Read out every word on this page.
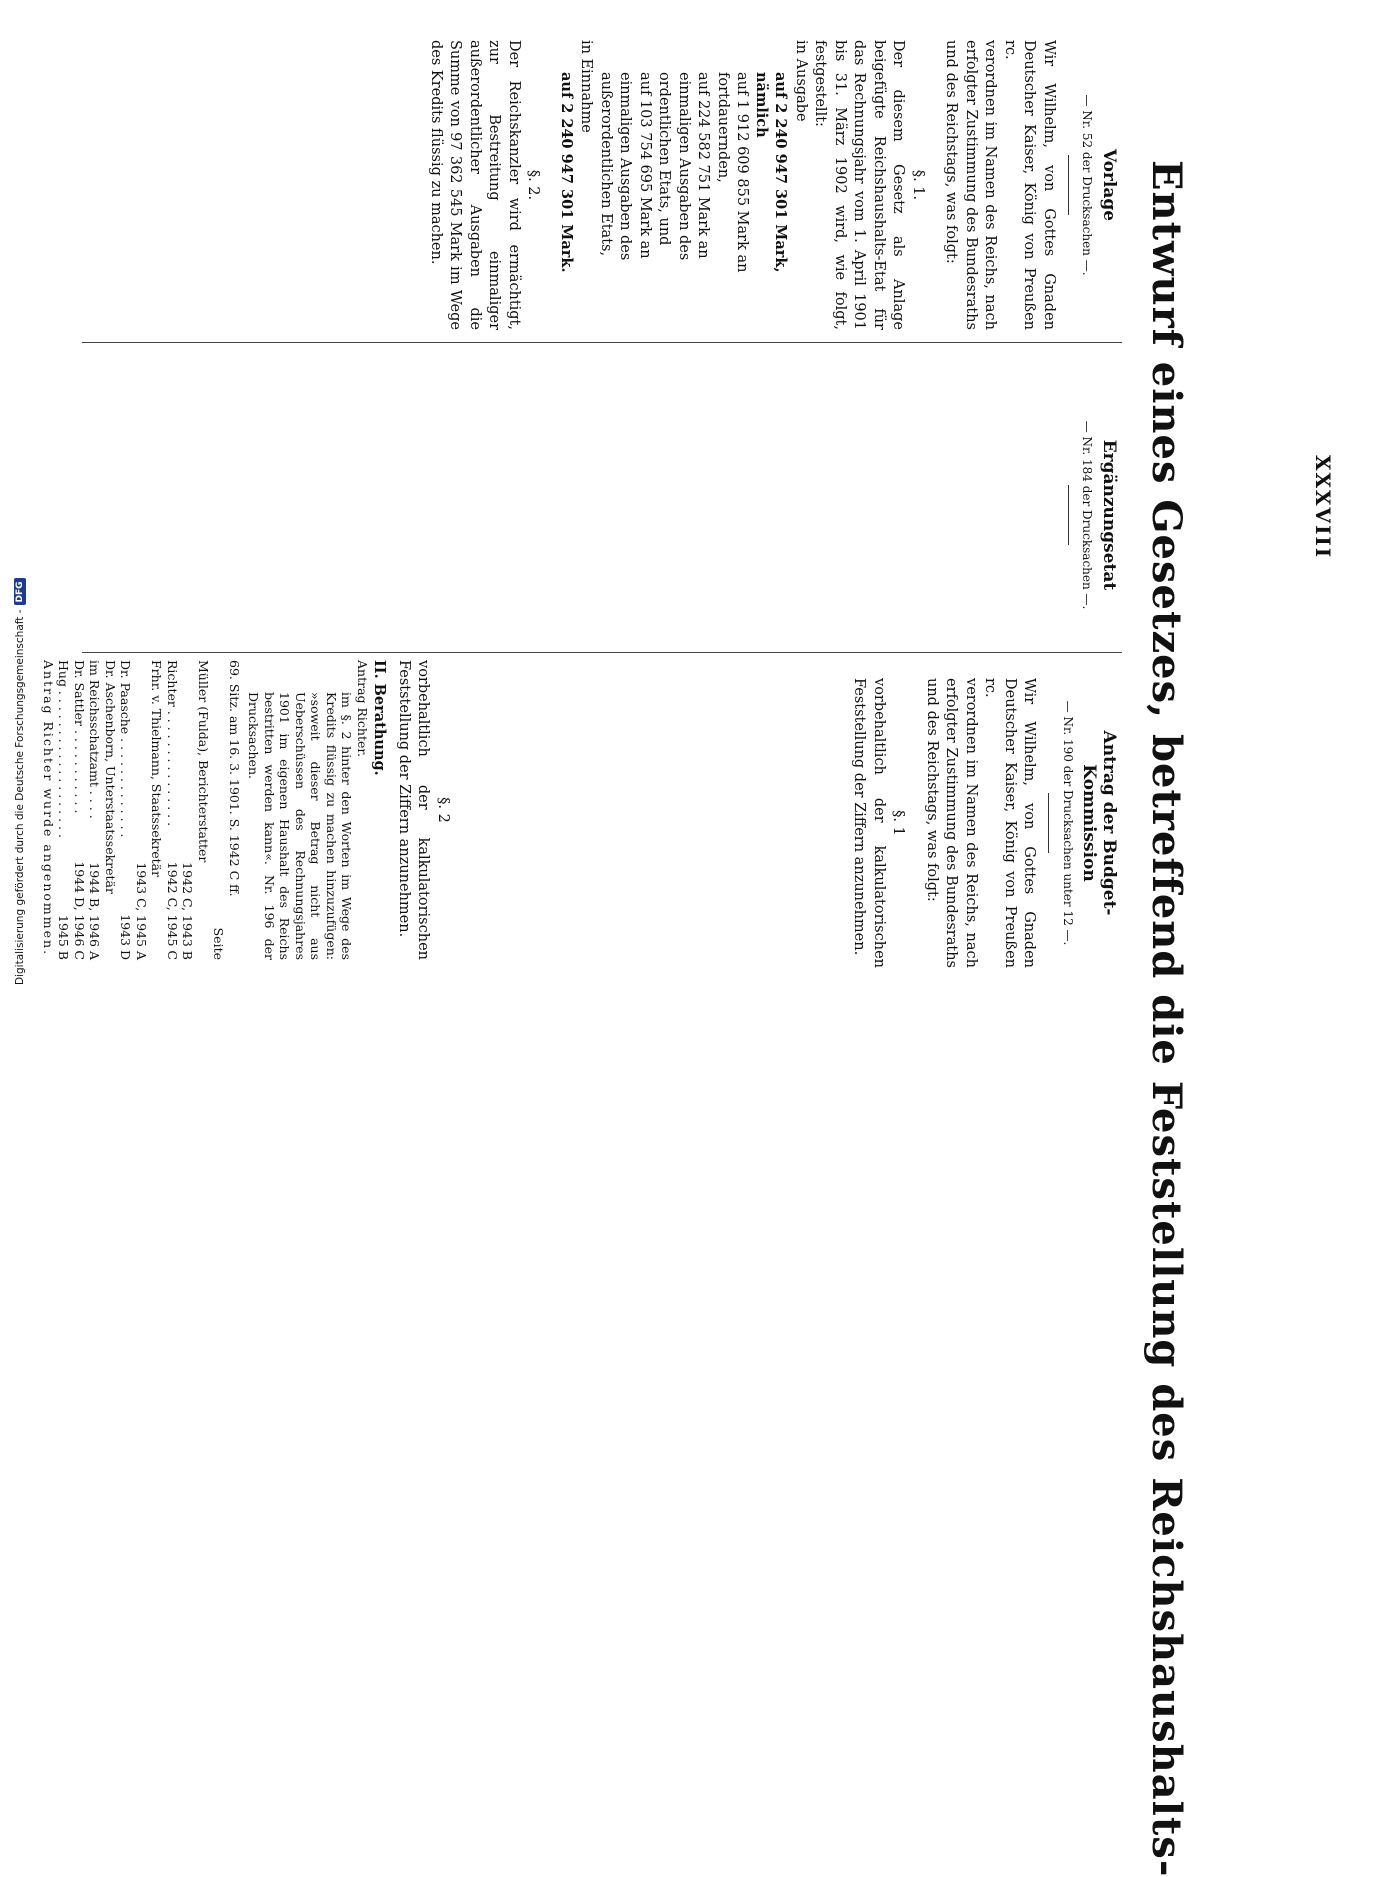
Entwurf eines Gesetzes, betreffend die Feststellung des Reichshaushalts-	XXXVIII
Vorlage
— Nr. 52 der Drucksachen —.

Wir Wilhelm, von Gottes Gnaden Deutscher Kaiser, König von Preußen rc.

verordnen im Namen des Reichs, nach erfolgter Zustimmung des Bundesraths und des Reichstags, was folgt:

§. 1.

Der diesem Gesetz als Anlage beigefügte Reichshaushalts-Etat für das Rechnungsjahr vom 1. April 1901 bis 31. März 1902 wird, wie folgt, festgestellt:

in Ausgabe
auf 2 240 947 301 Mark, nämlich
auf 1 912 609 855 Mark an fortdauernden,
auf 224 582 751 Mark an einmaligen Ausgaben des ordentlichen Etats, und
auf 103 754 695 Mark an einmaligen Ausgaben des außerordentlichen Etats,
in Einnahme
auf 2 240 947 301 Mark.
§. 2.

Der Reichskanzler wird ermächtigt, zur Bestreitung einmaliger außerordentlicher Ausgaben die Summe von 97 362 545 Mark im Wege des Kredits flüssig zu machen.

Ergänzungsetat
— Nr. 184 der Drucksachen —.
Antrag der Budget-Kommission
— Nr. 190 der Drucksachen unter 12 —.

Wir Wilhelm, von Gottes Gnaden Deutscher Kaiser, König von Preußen rc.

verordnen im Namen des Reichs, nach erfolgter Zustimmung des Bundesraths und des Reichstags, was folgt:

§. 1

vorbehaltlich der kalkulatorischen Feststellung der Ziffern anzunehmen.

§. 2

vorbehaltlich der kalkulatorischen Feststellung der Ziffern anzunehmen.

II. Berathung.
Antrag Richter.

im §. 2 hinter den Worten im Wege des Kredits flüssig zu machen hinzuzufügen: »soweit dieser Betrag nicht aus Ueberschüssen des Rechnungsjahres 1901 im eigenen Haushalt des Reichs bestritten werden kann«. Nr. 196 der Drucksachen.

69. Sitz. am 16. 3. 1901. S. 1942 C ff.
Seite
Müller (Fulda), Berichterstatter
1942 C, 1943 B
Richter . . . . . . . . . . . . . . .
1942 C, 1945 C
Frhr. v. Thielmann, Staatssekretär
1943 C, 1945 A
Dr. Paasche . . . . . . . . . . . . .
1943 D
Dr. Aschenborn, Unterstaatssekretär
im Reichsschatzamt . . . .
1944 B, 1946 A
Dr. Sattler . . . . . . . . . . .
1944 D, 1946 C
Hug . . . . . . . . . . . . . . . . . . .
1945 B
Antrag Richter wurde angenommen.
Digitalisierung gefördert durch die Deutsche Forschungsgemeinschaft -
DFG
